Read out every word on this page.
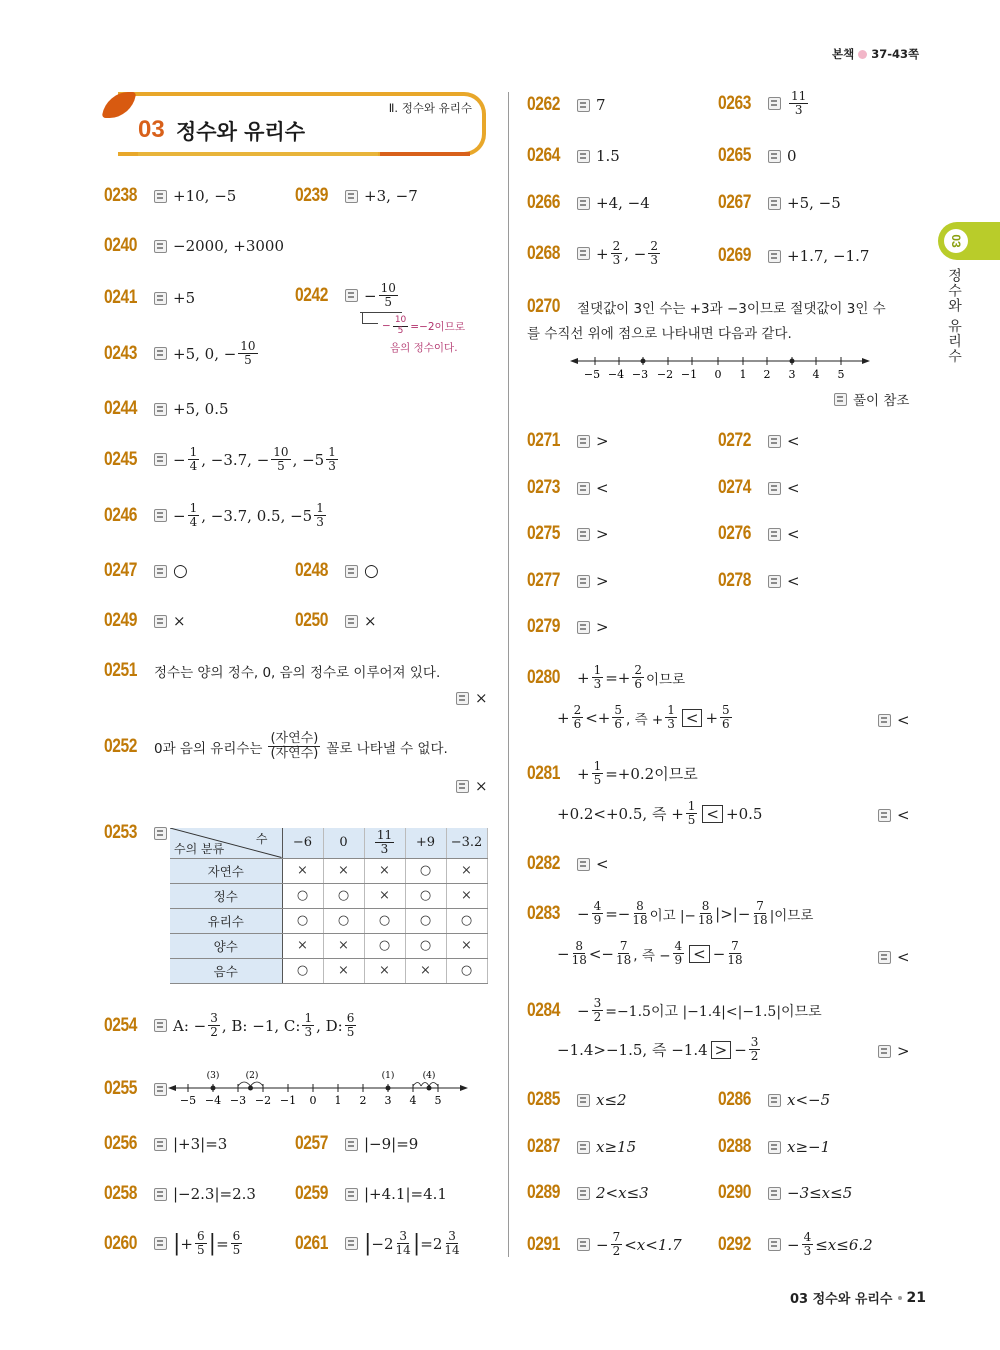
본책 37-43쪽
03 정수와 유리수
Ⅱ. 정수와 유리수
03
정수와 유리수
0238	+10, −5	0239	+3, −7
0240	−2000, +3000
0241	+5	0242	− $\frac{10}{5}$
− $\frac{10}{5} =-2$이므로
음의 정수이다.
0243	+5, 0, − $\frac{10}{5}$
0244	+5, 0.5
0245	− $\frac{1}{4}$ , −3.7, − $\frac{10}{5}$ , $-5 \frac{1}{3}$
0246	− $\frac{1}{4}$ , −3.7, 0.5, $-5 \frac{1}{3}$
0247 ○	0248 ○
0249	×	0250	×
0251	정수는 양의 정수, 0, 음의 정수로 이루어져 있다.
×
0252	0과 음의 유리수는 $\frac{\text{(자연수)}}{\text{(자연수)}}$ 꼴로 나타낼 수 없다.
×
0253	수
수의 분류	−6	0	$\frac{11}{3}$	+9	−3.2
자연수	×	×	×	○	×
정수	○	○	×	○	×
유리수	○	○	○	○	○
양수	×	×	○	○	×
음수	○	×	×	×	○
0254	A: − $\frac{3}{2}$ , B: −1, C: $\frac{1}{3}$ , D: $\frac{6}{5}$
0255
(3)	(2)	(1)	(4)
−5 −4 −3 −2 −1 0 1 2 3 4 5
0256	|+3|=3	0257	|−9|=9
0258	|−2.3|=2.3 0259	|+4.1|=4.1
0260 | + $\frac{6}{5}$ | = $\frac{6}{5}$	0261 | $-2 \frac{3}{14}$ | $=2 \frac{3}{14}$
0262	7	0263	$\frac{11}{3}$
0264	1.5	0265	0
0266	+4, −4	0267	+5, −5
0268	+ $\frac{2}{3}$ , − $\frac{2}{3}$	0269	+1.7, −1.7
0270	절댓값이 3인 수는 +3과 −3이므로 절댓값이 3인 수
를 수직선 위에 점으로 나타내면 다음과 같다.
−5 −4 −3 −2 −1 0 1 2 3 4 5
풀이 참조
0271	>	0272	<
0273	<	0274	<
0275	>	0276	<
0277	>	0278	<
0279	>
0280	+ $\frac{1}{3} =+ \frac{2}{6}$ 이므로
+ $\frac{2}{6} <+ \frac{5}{6}$ , 즉 + $\frac{1}{3}$ < + $\frac{5}{6}$	<
0281	+ $\frac{1}{5} =+0.2$이므로
+0.2<+0.5, 즉 + $\frac{1}{5} < +0.5$	<
0282	<
0283	− $\frac{4}{9} =- \frac{8}{18}$ 이고 |− $\frac{8}{18}$ |>|− $\frac{7}{18}$ |이므로
− $\frac{8}{18} <- \frac{7}{18}$ , 즉 − $\frac{4}{9}$ < − $\frac{7}{18}$	<
0284	− $\frac{3}{2} =-1.5$이고 |−1.4|<|−1.5|이므로
−1.4>−1.5, 즉 −1.4 > − $\frac{3}{2}$	>
0285	x≤2	0286	x<−5
0287	x≥15	0288	x≥−1
0289	2<x≤3	0290	−3≤x≤5
0291	− $\frac{7}{2} <x<1.7$ 0292	− $\frac{4}{3} \le x\le 6.2$
03 정수와 유리수 21
